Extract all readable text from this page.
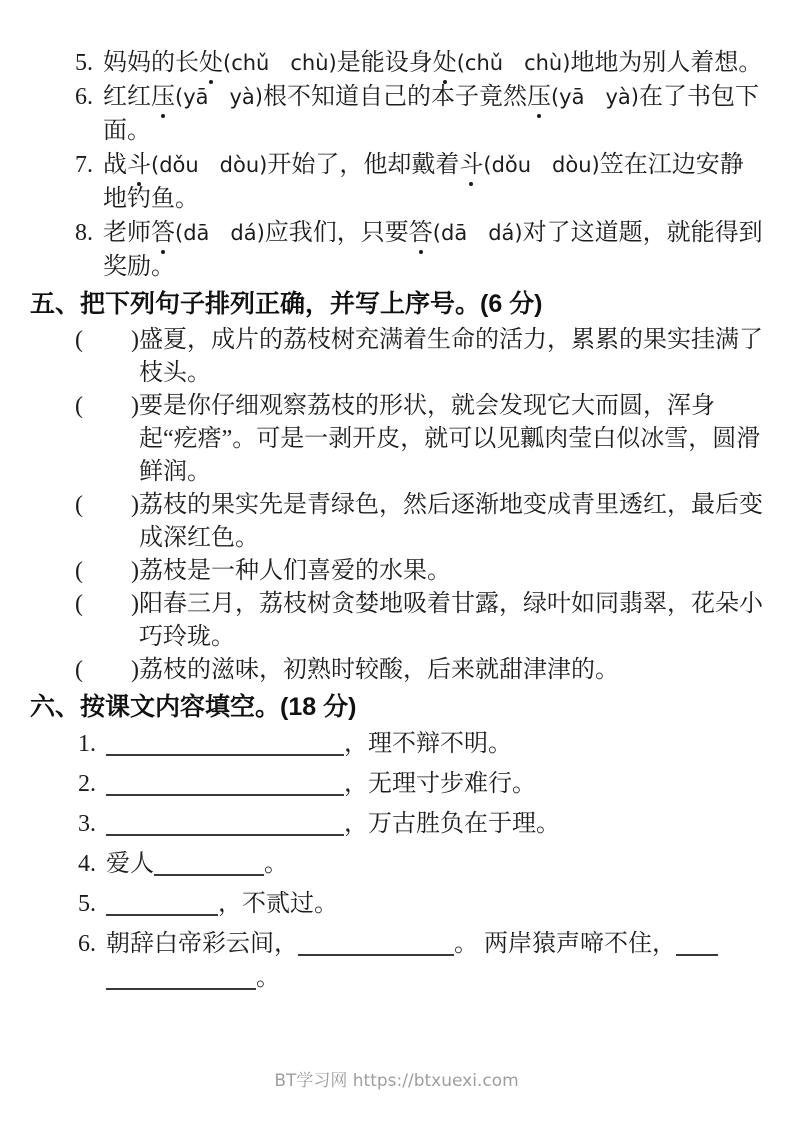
5. 妈妈的长处(chǔ　chù)是能设身处(chǔ　chù)地地为别人着想。
6. 红红压(yā　yà)根不知道自己的本子竟然压(yā　yà)在了书包下面。
7. 战斗(dǒu　dòu)开始了，他却戴着斗(dǒu　dòu)笠在江边安静地钓鱼。
8. 老师答(dā　dá)应我们，只要答(dā　dá)对了这道题，就能得到奖励。
五、把下列句子排列正确，并写上序号。(6 分)
(　　) 盛夏，成片的荔枝树充满着生命的活力，累累的果实挂满了枝头。
(　　) 要是你仔细观察荔枝的形状，就会发现它大而圆，浑身起“疙瘩”。可是一剥开皮，就可以见瓤肉莹白似冰雪，圆滑鲜润。
(　　) 荔枝的果实先是青绿色，然后逐渐地变成青里透红，最后变成深红色。
(　　) 荔枝是一种人们喜爱的水果。
(　　) 阳春三月，荔枝树贪婪地吸着甘露，绿叶如同翡翠，花朵小巧玲珑。
(　　) 荔枝的滋味，初熟时较酸，后来就甜津津的。
六、按课文内容填空。(18 分)
1.	，理不辩不明。
2.	，无理寸步难行。
3.	，万古胜负在于理。
4. 爱人	。
5.	，不贰过。
6. 朝辞白帝彩云间，	。 两岸猿声啼不住，
。
BT学习网 https://btxuexi.com
